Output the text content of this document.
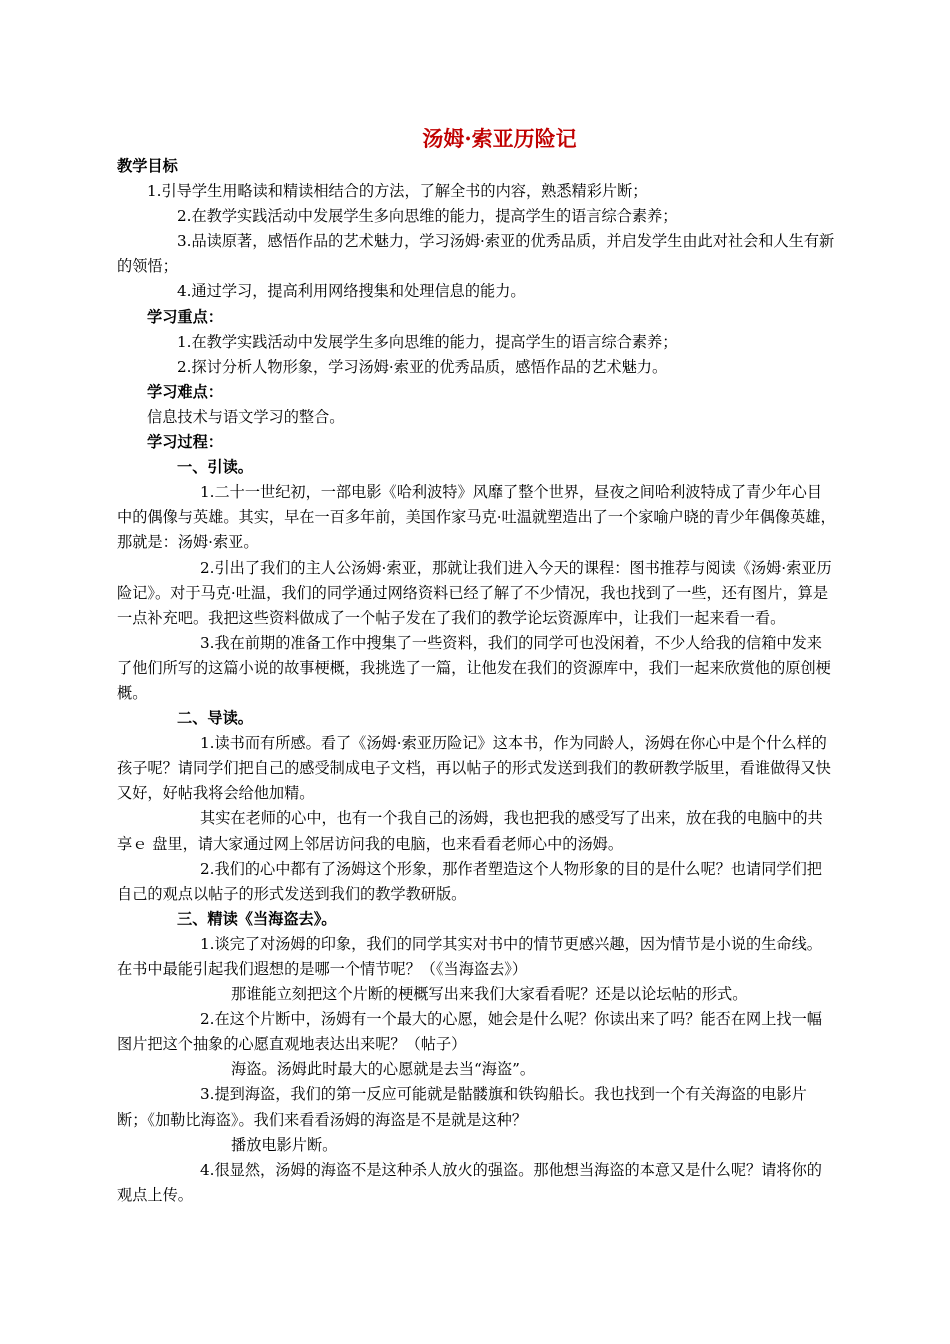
汤姆·索亚历险记

教学目标

1.引导学生用略读和精读相结合的方法，了解全书的内容，熟悉精彩片断；

2.在教学实践活动中发展学生多向思维的能力，提高学生的语言综合素养；

3.品读原著，感悟作品的艺术魅力，学习汤姆·索亚的优秀品质，并启发学生由此对社会和人生有新的领悟；

4.通过学习，提高利用网络搜集和处理信息的能力。

学习重点：

1.在教学实践活动中发展学生多向思维的能力，提高学生的语言综合素养；

2.探讨分析人物形象，学习汤姆·索亚的优秀品质，感悟作品的艺术魅力。

学习难点：

信息技术与语文学习的整合。

学习过程：

一、引读。

1.二十一世纪初，一部电影《哈利波特》风靡了整个世界，昼夜之间哈利波特成了青少年心目中的偶像与英雄。其实，早在一百多年前，美国作家马克·吐温就塑造出了一个家喻户晓的青少年偶像英雄，那就是：汤姆·索亚。

2.引出了我们的主人公汤姆·索亚，那就让我们进入今天的课程：图书推荐与阅读《汤姆·索亚历险记》。对于马克·吐温，我们的同学通过网络资料已经了解了不少情况，我也找到了一些，还有图片，算是一点补充吧。我把这些资料做成了一个帖子发在了我们的教学论坛资源库中，让我们一起来看一看。

3.我在前期的准备工作中搜集了一些资料，我们的同学可也没闲着，不少人给我的信箱中发来了他们所写的这篇小说的故事梗概，我挑选了一篇，让他发在我们的资源库中，我们一起来欣赏他的原创梗概。

二、导读。

1.读书而有所感。看了《汤姆·索亚历险记》这本书，作为同龄人，汤姆在你心中是个什么样的孩子呢？请同学们把自己的感受制成电子文档，再以帖子的形式发送到我们的教研教学版里，看谁做得又快又好，好帖我将会给他加精。

其实在老师的心中，也有一个我自己的汤姆，我也把我的感受写了出来，放在我的电脑中的共享ｅ 盘里，请大家通过网上邻居访问我的电脑，也来看看老师心中的汤姆。

2.我们的心中都有了汤姆这个形象，那作者塑造这个人物形象的目的是什么呢？也请同学们把自己的观点以帖子的形式发送到我们的教学教研版。

三、精读《当海盗去》。

1.谈完了对汤姆的印象，我们的同学其实对书中的情节更感兴趣，因为情节是小说的生命线。在书中最能引起我们遐想的是哪一个情节呢？（《当海盗去》）

那谁能立刻把这个片断的梗概写出来我们大家看看呢？还是以论坛帖的形式。

2.在这个片断中，汤姆有一个最大的心愿，她会是什么呢？你读出来了吗？能否在网上找一幅图片把这个抽象的心愿直观地表达出来呢？（帖子）

海盗。汤姆此时最大的心愿就是去当“海盗”。

3.提到海盗，我们的第一反应可能就是骷髅旗和铁钩船长。我也找到一个有关海盗的电影片断；《加勒比海盗》。我们来看看汤姆的海盗是不是就是这种？

播放电影片断。

4.很显然，汤姆的海盗不是这种杀人放火的强盗。那他想当海盗的本意又是什么呢？请将你的观点上传。
